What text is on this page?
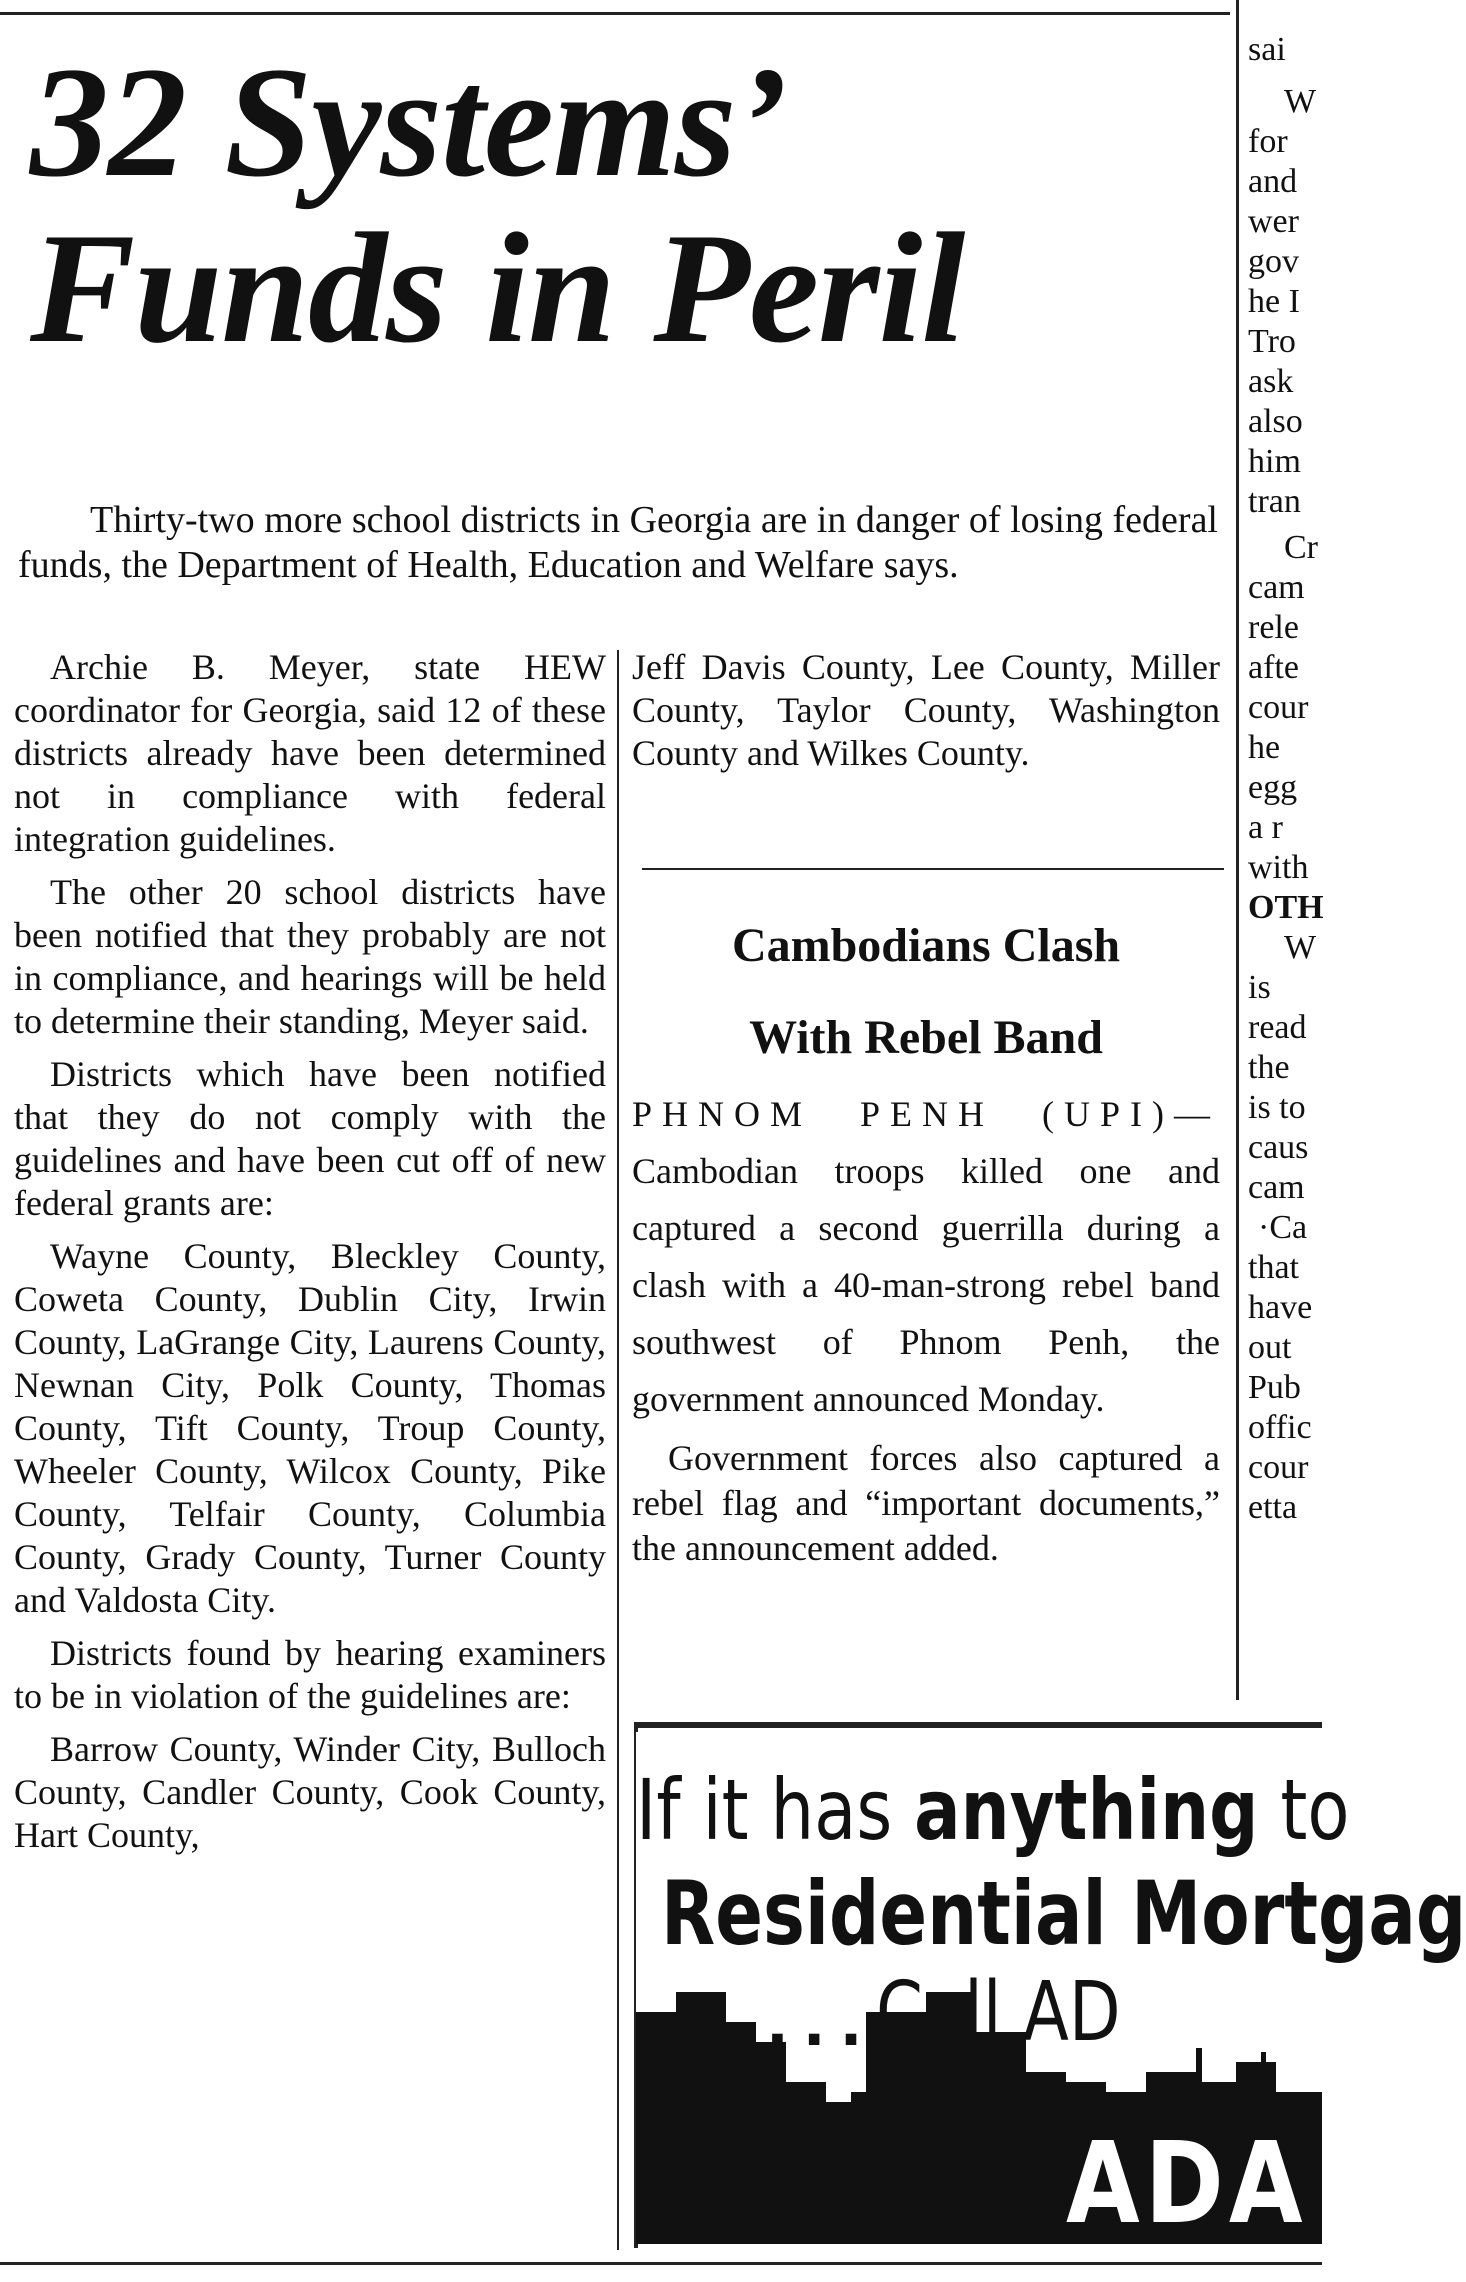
32 Systems’
Funds in Peril

Thirty-two more school districts in Georgia are in danger of losing federal funds, the Department of Health, Education and Welfare says.

Archie B. Meyer, state HEW coordinator for Georgia, said 12 of these districts already have been determined not in compliance with federal integration guidelines.

The other 20 school districts have been notified that they probably are not in compliance, and hearings will be held to determine their standing, Meyer said.

Districts which have been notified that they do not comply with the guidelines and have been cut off of new federal grants are:

Wayne County, Bleckley County, Coweta County, Dublin City, Irwin County, LaGrange City, Laurens County, Newnan City, Polk County, Thomas County, Tift County, Troup County, Wheeler County, Wilcox County, Pike County, Telfair County, Columbia County, Grady County, Turner County and Valdosta City.

Districts found by hearing examiners to be in violation of the guidelines are:

Barrow County, Winder City, Bulloch County, Candler County, Cook County, Hart County,

Jeff Davis County, Lee County, Miller County, Taylor County, Washington County and Wilkes County.

Cambodians Clash
With Rebel Band

PHNOM PENH (UPI)— Cambodian troops killed one and captured a second guerrilla during a clash with a 40-man-strong rebel band southwest of Phnom Penh, the government announced Monday.

Government forces also captured a rebel flag and “important documents,” the announcement added.

sai
W
for
and
wer
gov
he I
Tro
ask
also
him
tran
Cr
cam
rele
afte
cour
he
egg
a r
with
OTH
W
is
read
the
is to
caus
cam
·Ca
that
have
out
Pub
offic
cour
etta
If it has anything to
Residential Mortgag
... Call AD
ADA
